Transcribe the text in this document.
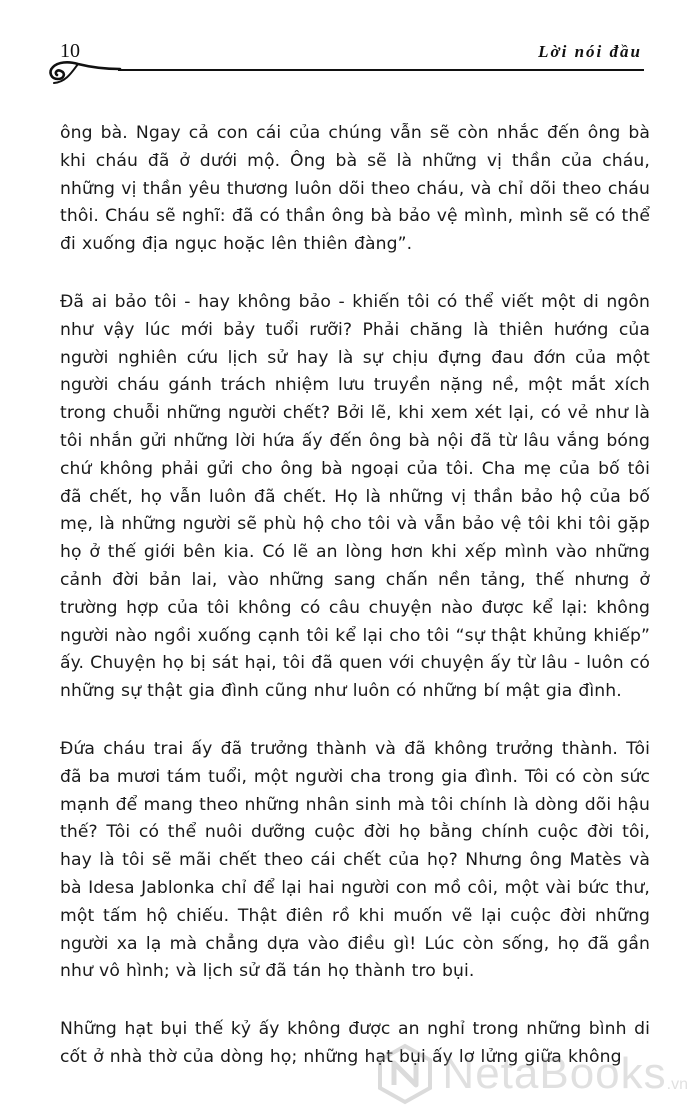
10	Lời nói đầu

ông bà. Ngay cả con cái của chúng vẫn sẽ còn nhắc đến ông bà khi cháu đã ở dưới mộ. Ông bà sẽ là những vị thần của cháu, những vị thần yêu thương luôn dõi theo cháu, và chỉ dõi theo cháu thôi. Cháu sẽ nghĩ: đã có thần ông bà bảo vệ mình, mình sẽ có thể đi xuống địa ngục hoặc lên thiên đàng”.

Đã ai bảo tôi - hay không bảo - khiến tôi có thể viết một di ngôn như vậy lúc mới bảy tuổi rưỡi? Phải chăng là thiên hướng của người nghiên cứu lịch sử hay là sự chịu đựng đau đớn của một người cháu gánh trách nhiệm lưu truyền nặng nề, một mắt xích trong chuỗi những người chết? Bởi lẽ, khi xem xét lại, có vẻ như là tôi nhắn gửi những lời hứa ấy đến ông bà nội đã từ lâu vắng bóng chứ không phải gửi cho ông bà ngoại của tôi. Cha mẹ của bố tôi đã chết, họ vẫn luôn đã chết. Họ là những vị thần bảo hộ của bố mẹ, là những người sẽ phù hộ cho tôi và vẫn bảo vệ tôi khi tôi gặp họ ở thế giới bên kia. Có lẽ an lòng hơn khi xếp mình vào những cảnh đời bản lai, vào những sang chấn nền tảng, thế nhưng ở trường hợp của tôi không có câu chuyện nào được kể lại: không người nào ngồi xuống cạnh tôi kể lại cho tôi “sự thật khủng khiếp” ấy. Chuyện họ bị sát hại, tôi đã quen với chuyện ấy từ lâu - luôn có những sự thật gia đình cũng như luôn có những bí mật gia đình.

Đứa cháu trai ấy đã trưởng thành và đã không trưởng thành. Tôi đã ba mươi tám tuổi, một người cha trong gia đình. Tôi có còn sức mạnh để mang theo những nhân sinh mà tôi chính là dòng dõi hậu thế? Tôi có thể nuôi dưỡng cuộc đời họ bằng chính cuộc đời tôi, hay là tôi sẽ mãi chết theo cái chết của họ? Nhưng ông Matès và bà Idesa Jablonka chỉ để lại hai người con mồ côi, một vài bức thư, một tấm hộ chiếu. Thật điên rồ khi muốn vẽ lại cuộc đời những người xa lạ mà chẳng dựa vào điều gì! Lúc còn sống, họ đã gần như vô hình; và lịch sử đã tán họ thành tro bụi.

Những hạt bụi thế kỷ ấy không được an nghỉ trong những bình di cốt ở nhà thờ của dòng họ; những hạt bụi ấy lơ lửng giữa không

NetaBooks .vn
